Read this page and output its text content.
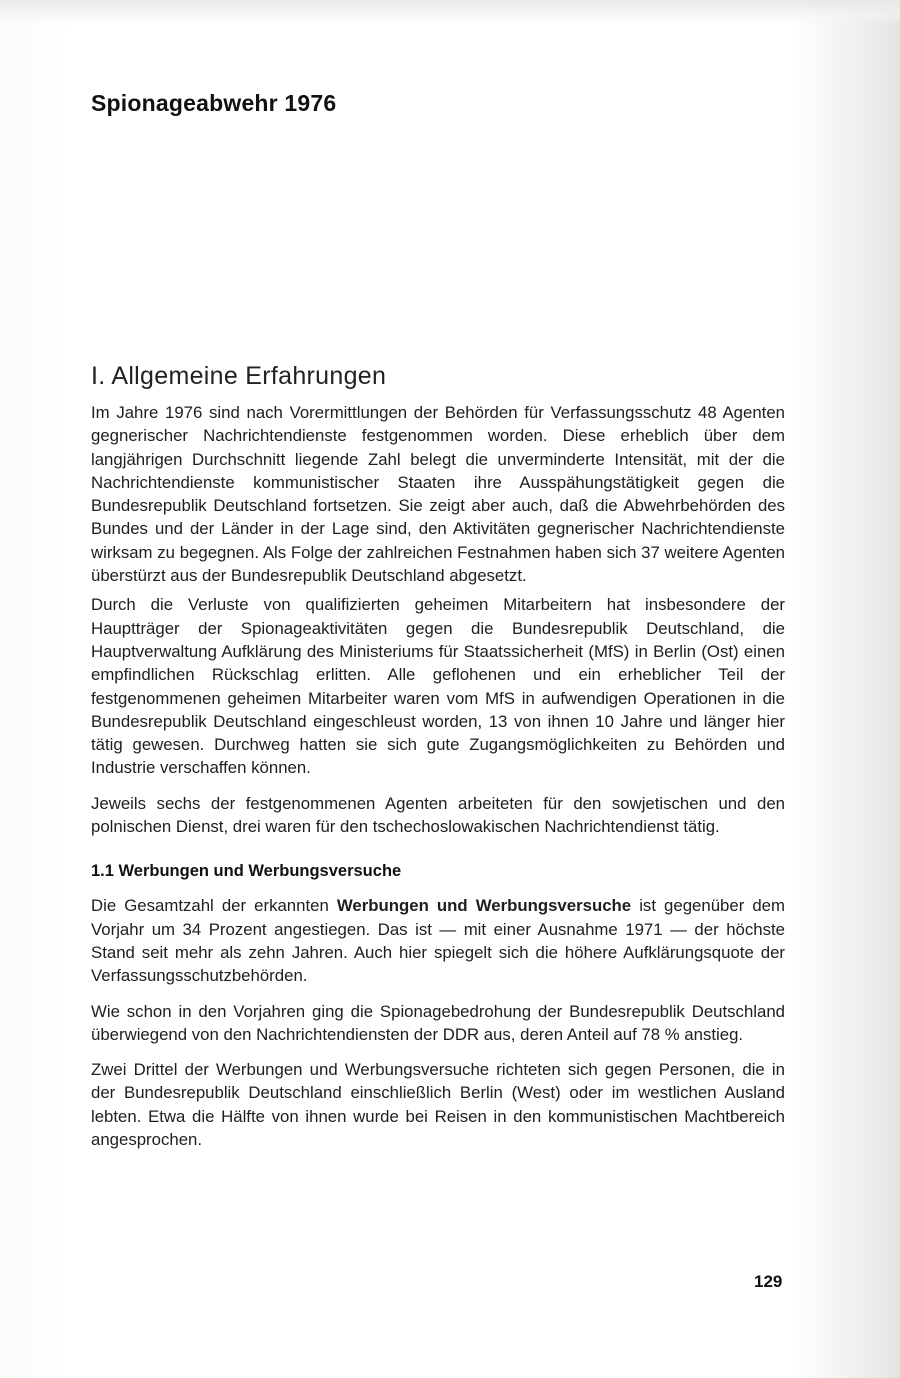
Spionageabwehr 1976
I. Allgemeine Erfahrungen

Im Jahre 1976 sind nach Vorermittlungen der Behörden für Verfassungsschutz 48 Agenten gegnerischer Nachrichtendienste festgenommen worden. Diese erheblich über dem langjährigen Durchschnitt liegende Zahl belegt die unverminderte Intensität, mit der die Nachrichtendienste kommunistischer Staaten ihre Ausspähungstätigkeit gegen die Bundesrepublik Deutschland fortsetzen. Sie zeigt aber auch, daß die Abwehrbehörden des Bundes und der Länder in der Lage sind, den Aktivitäten gegnerischer Nachrichtendienste wirksam zu begegnen. Als Folge der zahlreichen Festnahmen haben sich 37 weitere Agenten überstürzt aus der Bundesrepublik Deutschland abgesetzt.

Durch die Verluste von qualifizierten geheimen Mitarbeitern hat insbesondere der Hauptträger der Spionageaktivitäten gegen die Bundesrepublik Deutschland, die Hauptverwaltung Aufklärung des Ministeriums für Staatssicherheit (MfS) in Berlin (Ost) einen empfindlichen Rückschlag erlitten. Alle geflohenen und ein erheblicher Teil der festgenommenen geheimen Mitarbeiter waren vom MfS in aufwendigen Operationen in die Bundesrepublik Deutschland eingeschleust worden, 13 von ihnen 10 Jahre und länger hier tätig gewesen. Durchweg hatten sie sich gute Zugangsmöglichkeiten zu Behörden und Industrie verschaffen können.

Jeweils sechs der festgenommenen Agenten arbeiteten für den sowjetischen und den polnischen Dienst, drei waren für den tschechoslowakischen Nachrichtendienst tätig.

1.1 Werbungen und Werbungsversuche

Die Gesamtzahl der erkannten Werbungen und Werbungsversuche ist gegenüber dem Vorjahr um 34 Prozent angestiegen. Das ist — mit einer Ausnahme 1971 — der höchste Stand seit mehr als zehn Jahren. Auch hier spiegelt sich die höhere Aufklärungsquote der Verfassungsschutzbehörden.

Wie schon in den Vorjahren ging die Spionagebedrohung der Bundesrepublik Deutschland überwiegend von den Nachrichtendiensten der DDR aus, deren Anteil auf 78 % anstieg.

Zwei Drittel der Werbungen und Werbungsversuche richteten sich gegen Personen, die in der Bundesrepublik Deutschland einschließlich Berlin (West) oder im westlichen Ausland lebten. Etwa die Hälfte von ihnen wurde bei Reisen in den kommunistischen Machtbereich angesprochen.

129
